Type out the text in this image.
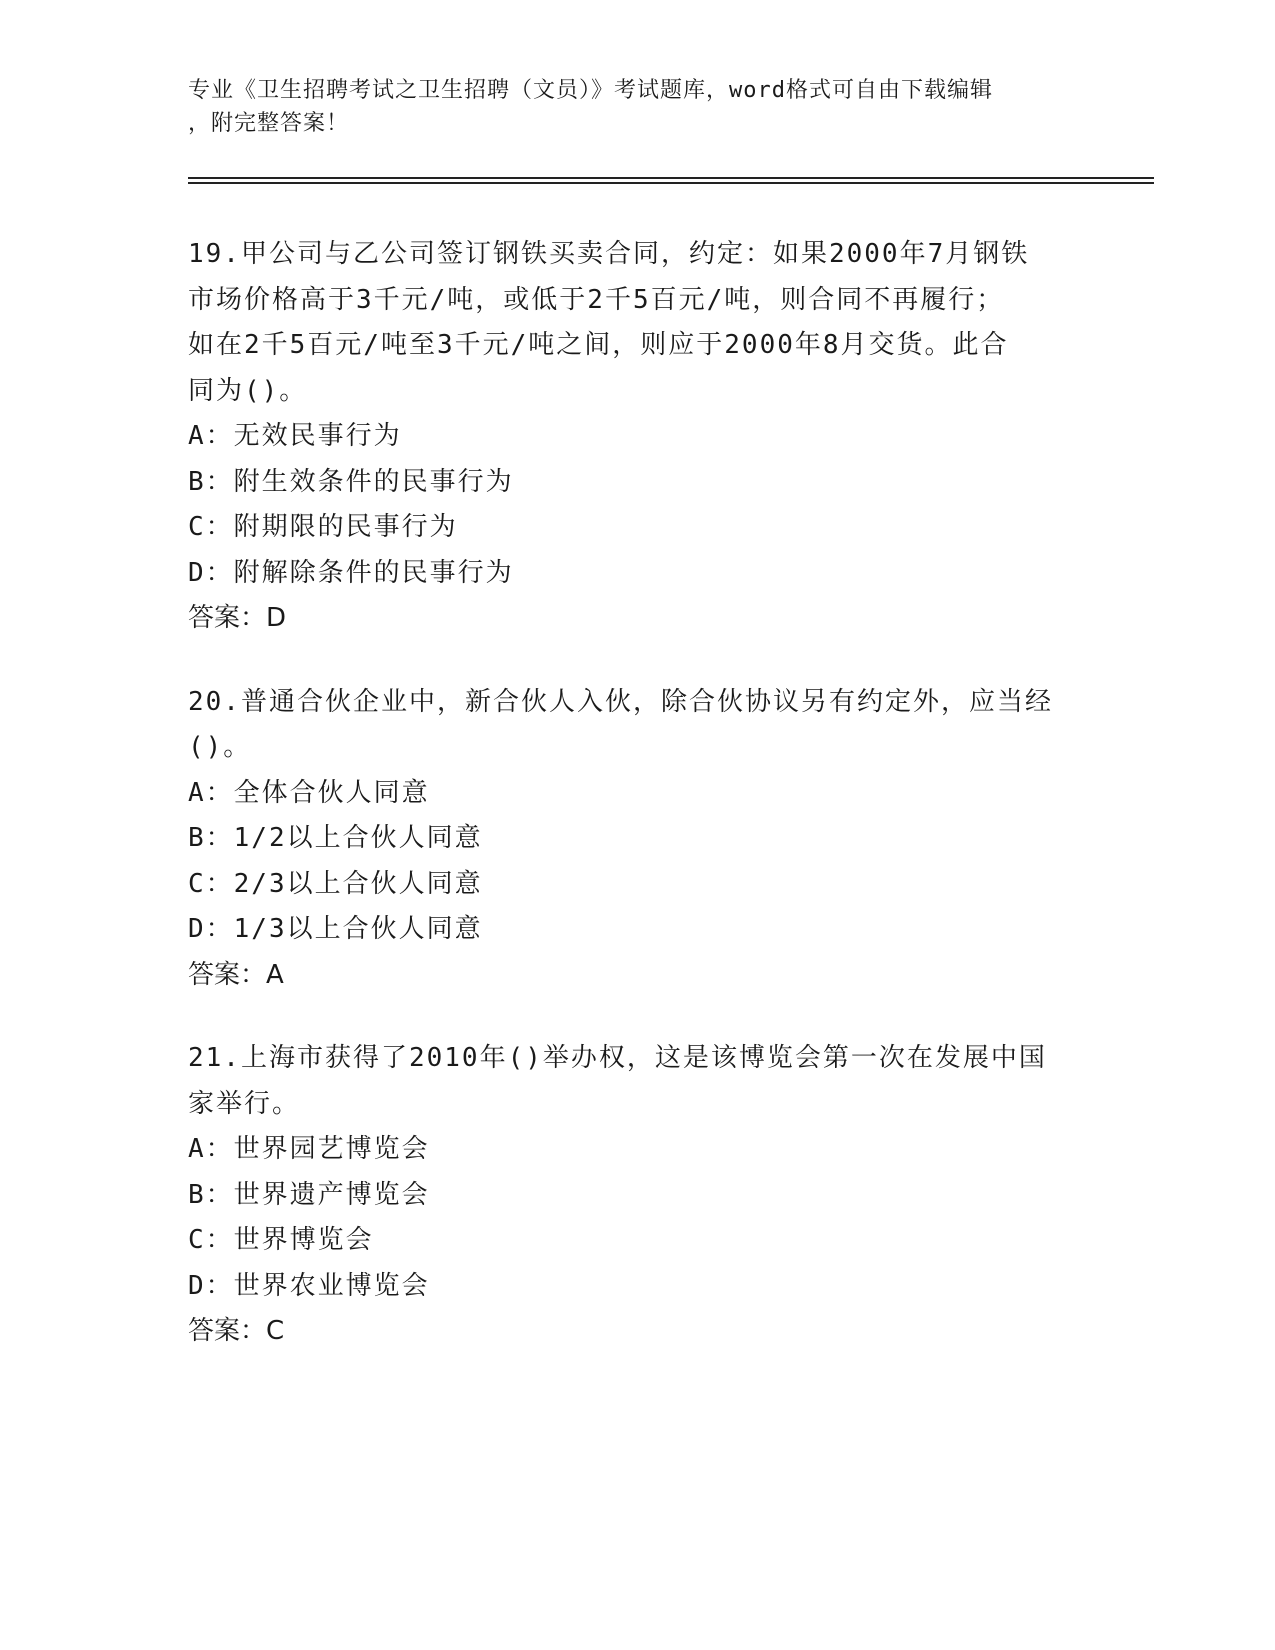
专业《卫生招聘考试之卫生招聘（文员）》考试题库，word格式可自由下载编辑
，附完整答案！
19.甲公司与乙公司签订钢铁买卖合同，约定：如果2000年7月钢铁
市场价格高于3千元/吨，或低于2千5百元/吨，则合同不再履行；
如在2千5百元/吨至3千元/吨之间，则应于2000年8月交货。此合
同为()。
A：无效民事行为
B：附生效条件的民事行为
C：附期限的民事行为
D：附解除条件的民事行为
答案：D
20.普通合伙企业中，新合伙人入伙，除合伙协议另有约定外，应当经
()。
A：全体合伙人同意
B：1/2以上合伙人同意
C：2/3以上合伙人同意
D：1/3以上合伙人同意
答案：A
21.上海市获得了2010年()举办权，这是该博览会第一次在发展中国
家举行。
A：世界园艺博览会
B：世界遗产博览会
C：世界博览会
D：世界农业博览会
答案：C
